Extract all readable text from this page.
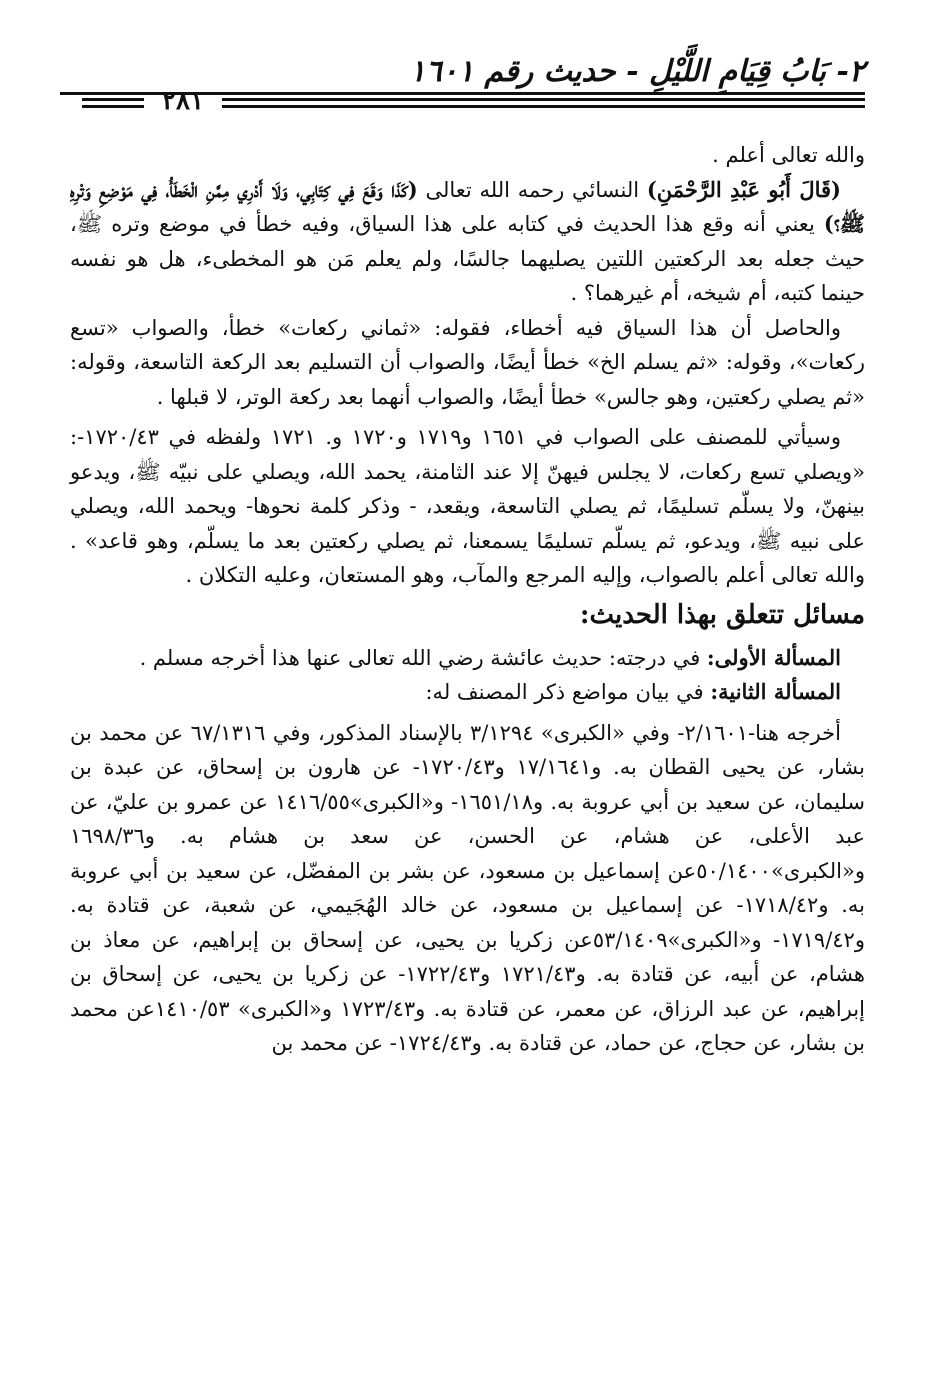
٢- بَابُ قِيَامِ اللَّيْلِ - حديث رقم ١٦٠١
٢٨١

والله تعالى أعلم .

(قَالَ أَبُو عَبْدِ الرَّحْمَنِ) النسائي رحمه الله تعالى (كَذَا وَقَعَ فِي كِتَابِي، وَلَا أَدْرِي مِمَّنِ الْخَطَأُ، فِي مَوْضِعِ وَتْرِهِ ﷺ؟) يعني أنه وقع هذا الحديث في كتابه على هذا السياق، وفيه خطأ في موضع وتره ﷺ، حيث جعله بعد الركعتين اللتين يصليهما جالسًا، ولم يعلم مَن هو المخطىء، هل هو نفسه حينما كتبه، أم شيخه، أم غيرهما؟ .

والحاصل أن هذا السياق فيه أخطاء، فقوله: «ثماني ركعات» خطأ، والصواب «تسع ركعات»، وقوله: «ثم يسلم الخ» خطأ أيضًا، والصواب أن التسليم بعد الركعة التاسعة، وقوله: «ثم يصلي ركعتين، وهو جالس» خطأ أيضًا، والصواب أنهما بعد ركعة الوتر، لا قبلها .

وسيأتي للمصنف على الصواب في ١٦٥١ و١٧١٩ و١٧٢٠ و. ١٧٢١ ولفظه في ١٧٢٠/٤٣-: «ويصلي تسع ركعات، لا يجلس فيهنّ إلا عند الثامنة، يحمد الله، ويصلي على نبيّه ﷺ، ويدعو بينهنّ، ولا يسلّم تسليمًا، ثم يصلي التاسعة، ويقعد، - وذكر كلمة نحوها- ويحمد الله، ويصلي على نبيه ﷺ، ويدعو، ثم يسلّم تسليمًا يسمعنا، ثم يصلي ركعتين بعد ما يسلّم، وهو قاعد» . والله تعالى أعلم بالصواب، وإليه المرجع والمآب، وهو المستعان، وعليه التكلان .

مسائل تتعلق بهذا الحديث:

المسألة الأولى: في درجته: حديث عائشة رضي الله تعالى عنها هذا أخرجه مسلم .

المسألة الثانية: في بيان مواضع ذكر المصنف له:

أخرجه هنا-٢/١٦٠١- وفي «الكبرى» ٣/١٢٩٤ بالإسناد المذكور، وفي ٦٧/١٣١٦ عن محمد بن بشار، عن يحيى القطان به. و١٧/١٦٤١ و١٧٢٠/٤٣- عن هارون بن إسحاق، عن عبدة بن سليمان، عن سعيد بن أبي عروبة به. و١٦٥١/١٨- و«الكبرى»١٤١٦/٥٥ عن عمرو بن عليّ، عن عبد الأعلى، عن هشام، عن الحسن، عن سعد بن هشام به. و١٦٩٨/٣٦ و«الكبرى»٥٠/١٤٠٠عن إسماعيل بن مسعود، عن بشر بن المفضّل، عن سعيد بن أبي عروبة به. و١٧١٨/٤٢- عن إسماعيل بن مسعود، عن خالد الهُجَيمي، عن شعبة، عن قتادة به. و١٧١٩/٤٢- و«الكبرى»٥٣/١٤٠٩عن زكريا بن يحيى، عن إسحاق بن إبراهيم، عن معاذ بن هشام، عن أبيه، عن قتادة به. و١٧٢١/٤٣ و١٧٢٢/٤٣- عن زكريا بن يحيى، عن إسحاق بن إبراهيم، عن عبد الرزاق، عن معمر، عن قتادة به. و١٧٢٣/٤٣ و«الكبرى» ١٤١٠/٥٣عن محمد بن بشار، عن حجاج، عن حماد، عن قتادة به. و١٧٢٤/٤٣- عن محمد بن
